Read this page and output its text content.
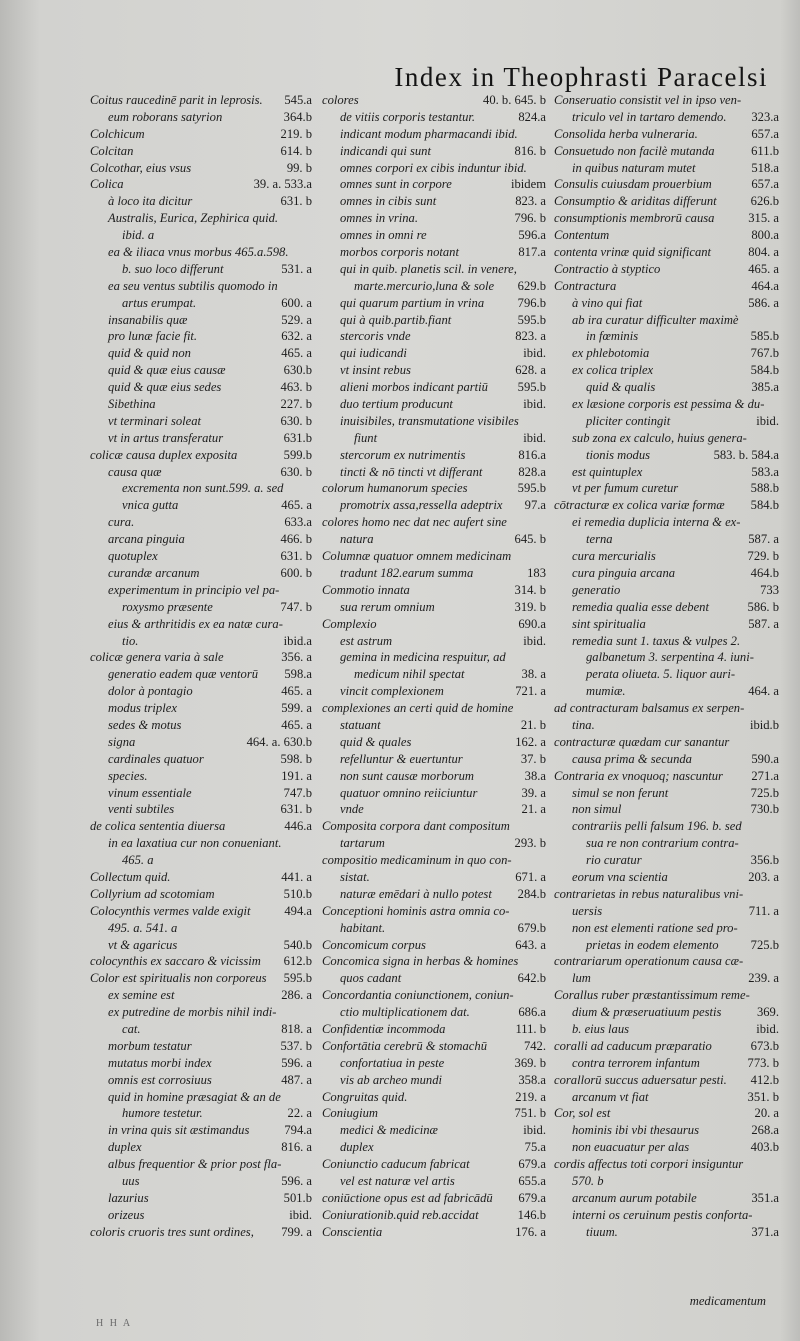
Index in Theophrasti Paracelsi
Coitus raucedinē parit in leprosis. 545.a
eum roborans satyrion	364.b
Colchicum	219. b
Colcitan	614. b
Colcothar, eius vsus	99. b
Colica	39. a. 533.a
à loco ita dicitur	631. b
Australis, Eurica, Zephirica quid.
ibid. a
ea & iliaca vnus morbus 465.a.598.
b. suo loco differunt	531. a
ea seu ventus subtilis quomodo in
artus erumpat.	600. a
insanabilis quæ	529. a
pro lunæ facie fit.	632. a
quid & quid non	465. a
quid & quæ eius causæ	630.b
quid & quæ eius sedes	463. b
Sibethina	227. b
vt terminari soleat	630. b
vt in artus transferatur	631.b
colicæ causa duplex exposita	599.b
causa quæ	630. b
excrementa non sunt.599. a. sed
vnica gutta	465. a
cura.	633.a
arcana pinguia	466. b
quotuplex	631. b
curandæ arcanum	600. b
experimentum in principio vel pa-
roxysmo præsente	747. b
eius & arthritidis ex ea natæ cura-
tio.	ibid.a
colicæ genera varia à sale	356. a
generatio eadem quæ ventorū 598.a
dolor à pontagio	465. a
modus triplex	599. a
sedes & motus	465. a
signa	464. a. 630.b
cardinales quatuor	598. b
species.	191. a
vinum essentiale	747.b
venti subtiles	631. b
de colica sententia diuersa	446.a
in ea laxatiua cur non conueniant.
465. a
Collectum quid.	441. a
Collyrium ad scotomiam	510.b
Colocynthis vermes valde exigit	494.a
495. a. 541. a
vt & agaricus	540.b
colocynthis ex saccaro & vicissim 612.b
Color est spiritualis non corporeus 595.b
ex semine est	286. a
ex putredine de morbis nihil indi-
cat.	818. a
morbum testatur	537. b
mutatus morbi index	596. a
omnis est corrosiuus	487. a
quid in homine præsagiat & an de
humore testetur.	22. a
in vrina quis sit æstimandus	794.a
duplex	816. a
albus frequentior & prior post fla-
uus	596. a
lazurius	501.b
orizeus	ibid.
coloris cruoris tres sunt ordines, 799. a
colores	40. b. 645. b
de vitiis corporis testantur.	824.a
indicant modum pharmacandi ibid.
indicandi qui sunt	816. b
omnes corpori ex cibis induntur ibid.
omnes sunt in corpore	ibidem
omnes in cibis sunt	823. a
omnes in vrina.	796. b
omnes in omni re	596.a
morbos corporis notant	817.a
qui in quib. planetis scil. in venere,
marte.mercurio,luna & sole 629.b
qui quarum partium in vrina	796.b
qui à quib.partib.fiant	595.b
stercoris vnde	823. a
qui iudicandi	ibid.
vt insint rebus	628. a
alieni morbos indicant partiū 595.b
duo tertium producunt	ibid.
inuisibiles, transmutatione visibiles
fiunt	ibid.
stercorum ex nutrimentis	816.a
tincti & nō tincti vt differant	828.a
colorum humanorum species	595.b
promotrix assa,ressella adeptrix 97.a
colores homo nec dat nec aufert sine
natura	645. b
Columnæ quatuor omnem medicinam
tradunt 182.earum summa	183
Commotio innata	314. b
sua rerum omnium	319. b
Complexio	690.a
est astrum	ibid.
gemina in medicina respuitur, ad
medicum nihil spectat	38. a
vincit complexionem	721. a
complexiones an certi quid de homine
statuant	21. b
quid & quales	162. a
refelluntur & euertuntur	37. b
non sunt causæ morborum	38.a
quatuor omnino reiiciuntur	39. a
vnde	21. a
Composita corpora dant compositum
tartarum	293. b
compositio medicaminum in quo con-
sistat.	671. a
naturæ emēdari à nullo potest 284.b
Conceptioni hominis astra omnia co-
habitant.	679.b
Concomicum corpus	643. a
Concomica signa in herbas & homines
quos cadant	642.b
Concordantia coniunctionem, coniun-
ctio multiplicationem dat.	686.a
Confidentiæ incommoda	111. b
Confortātia cerebrū & stomachū	742.
confortatiua in peste	369. b
vis ab archeo mundi	358.a
Congruitas quid.	219. a
Coniugium	751. b
medici & medicinæ	ibid.
duplex	75.a
Coniunctio caducum fabricat	679.a
vel est naturæ vel artis	655.a
coniūctione opus est ad fabricādū 679.a
Coniurationib.quid reb.accidat	146.b
Conscientia	176. a
Conseruatio consistit vel in ipso ven-
triculo vel in tartaro demendo. 323.a
Consolida herba vulneraria.	657.a
Consuetudo non facilè mutanda	611.b
in quibus naturam mutet	518.a
Consulis cuiusdam prouerbium	657.a
Consumptio & ariditas differunt	626.b
consumptionis membrorū causa	315. a
Contentum	800.a
contenta vrinæ quid significant	804. a
Contractio à styptico	465. a
Contractura	464.a
à vino qui fiat	586. a
ab ira curatur difficulter maximè
in fœminis	585.b
ex phlebotomia	767.b
ex colica triplex	584.b
quid & qualis	385.a
ex læsione corporis est pessima & du-
pliciter contingit	ibid.
sub zona ex calculo, huius genera-
tionis modus	583. b. 584.a
est quintuplex	583.a
vt per fumum curetur	588.b
cōtracturæ ex colica variæ formæ 584.b
ei remedia duplicia interna & ex-
terna	587. a
cura mercurialis	729. b
cura pinguia arcana	464.b
generatio	733
remedia qualia esse debent	586. b
sint spiritualia	587. a
remedia sunt 1. taxus & vulpes 2.
galbanetum 3. serpentina 4. iuni-
perata oliueta. 5. liquor auri-
mumiæ.	464. a
ad contracturam balsamus ex serpen-
tina.	ibid.b
contracturæ quædam cur sanantur
causa prima & secunda	590.a
Contraria ex vnoquoq; nascuntur 271.a
simul se non ferunt	725.b
non simul	730.b
contrariis pelli falsum 196. b. sed
sua re non contrarium contra-
rio curatur	356.b
eorum vna scientia	203. a
contrarietas in rebus naturalibus vni-
uersis	711. a
non est elementi ratione sed pro-
prietas in eodem elemento	725.b
contrariarum operationum causa cæ-
lum	239. a
Corallus ruber præstantissimum reme-
dium & præseruatiuum pestis	369.
b. eius laus	ibid.
coralli ad caducum præparatio	673.b
contra terrorem infantum	773. b
corallorū succus aduersatur pesti. 412.b
arcanum vt fiat	351. b
Cor, sol est	20. a
hominis ibi vbi thesaurus	268.a
non euacuatur per alas	403.b
cordis affectus toti corpori insiguntur
570. b
arcanum aurum potabile	351.a
interni os ceruinum pestis conforta-
tiuum.	371.a
medicamentum
H H A
